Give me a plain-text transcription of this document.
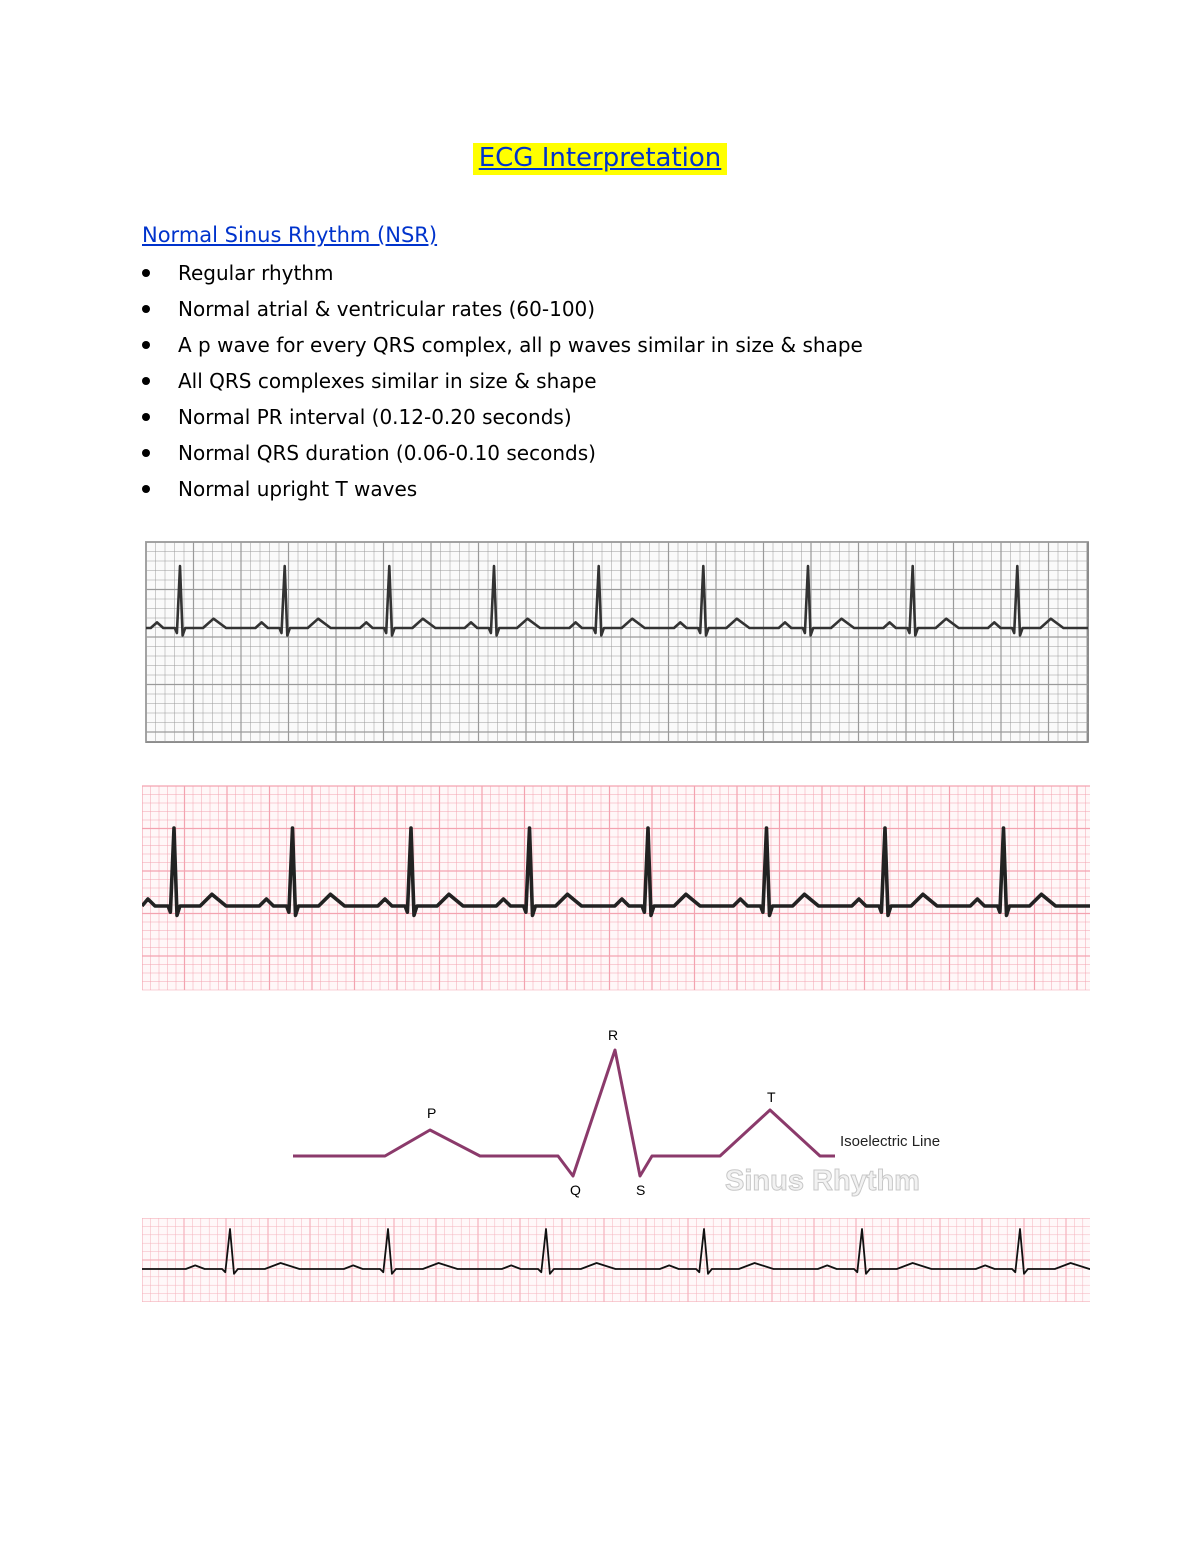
ECG Interpretation
Normal Sinus Rhythm (NSR)
Regular rhythm
Normal atrial & ventricular rates (60-100)
A p wave for every QRS complex, all p waves similar in size & shape
All QRS complexes similar in size & shape
Normal PR interval (0.12-0.20 seconds)
Normal QRS duration (0.06-0.10 seconds)
Normal upright T waves
P
R
T
Q	S
Isoelectric Line
Sinus Rhythm
